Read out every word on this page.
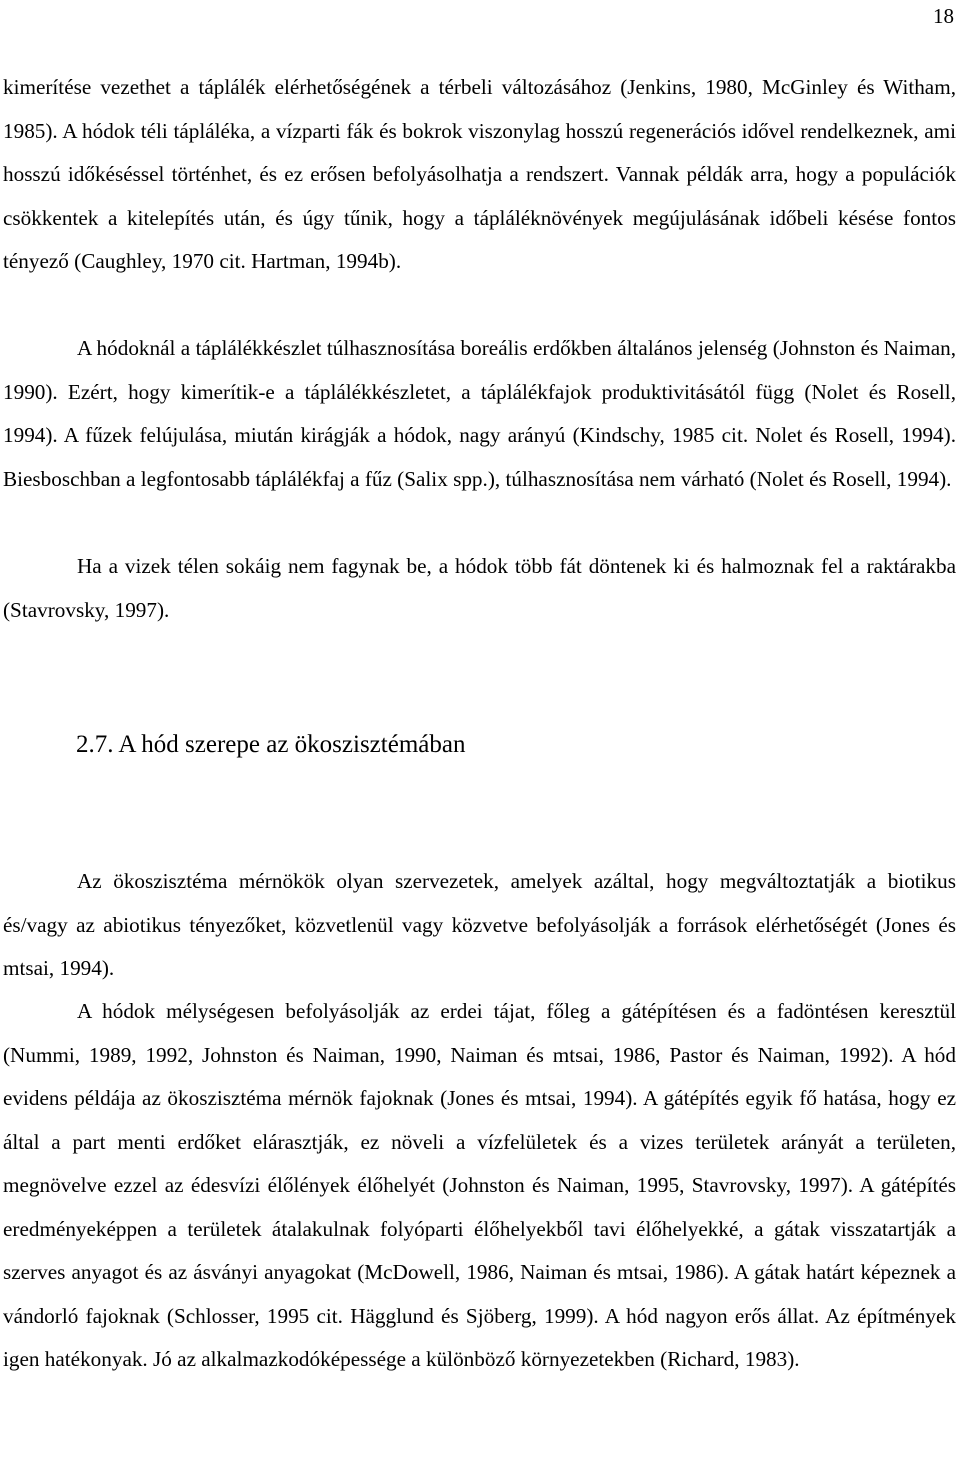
18

kimerítése vezethet a táplálék elérhetőségének a térbeli változásához (Jenkins, 1980, McGinley és Witham, 1985). A hódok téli tápláléka, a vízparti fák és bokrok viszonylag hosszú regenerációs idővel rendelkeznek, ami hosszú időkéséssel történhet, és ez erősen befolyásolhatja a rendszert. Vannak példák arra, hogy a populációk csökkentek a kitelepítés után, és úgy tűnik, hogy a tápláléknövények megújulásának időbeli késése fontos tényező (Caughley, 1970 cit. Hartman, 1994b).

A hódoknál a táplálékkészlet túlhasznosítása boreális erdőkben általános jelenség (Johnston és Naiman, 1990). Ezért, hogy kimerítik-e a táplálékkészletet, a táplálékfajok produktivitásától függ (Nolet és Rosell, 1994). A fűzek felújulása, miután kirágják a hódok, nagy arányú (Kindschy, 1985 cit. Nolet és Rosell, 1994). Biesboschban a legfontosabb táplálékfaj a fűz (Salix spp.), túlhasznosítása nem várható (Nolet és Rosell, 1994).

Ha a vizek télen sokáig nem fagynak be, a hódok több fát döntenek ki és halmoznak fel a raktárakba (Stavrovsky, 1997).

2.7. A hód szerepe az ökoszisztémában

Az ökoszisztéma mérnökök olyan szervezetek, amelyek azáltal, hogy megváltoztatják a biotikus és/vagy az abiotikus tényezőket, közvetlenül vagy közvetve befolyásolják a források elérhetőségét (Jones és mtsai, 1994).

A hódok mélységesen befolyásolják az erdei tájat, főleg a gátépítésen és a fadöntésen keresztül (Nummi, 1989, 1992, Johnston és Naiman, 1990, Naiman és mtsai, 1986, Pastor és Naiman, 1992). A hód evidens példája az ökoszisztéma mérnök fajoknak (Jones és mtsai, 1994). A gátépítés egyik fő hatása, hogy ez által a part menti erdőket elárasztják, ez növeli a vízfelületek és a vizes területek arányát a területen, megnövelve ezzel az édesvízi élőlények élőhelyét (Johnston és Naiman, 1995, Stavrovsky, 1997). A gátépítés eredményeképpen a területek átalakulnak folyóparti élőhelyekből tavi élőhelyekké, a gátak visszatartják a szerves anyagot és az ásványi anyagokat (McDowell, 1986, Naiman és mtsai, 1986). A gátak határt képeznek a vándorló fajoknak (Schlosser, 1995 cit. Hägglund és Sjöberg, 1999). A hód nagyon erős állat. Az építmények igen hatékonyak. Jó az alkalmazkodóképessége a különböző környezetekben (Richard, 1983).
